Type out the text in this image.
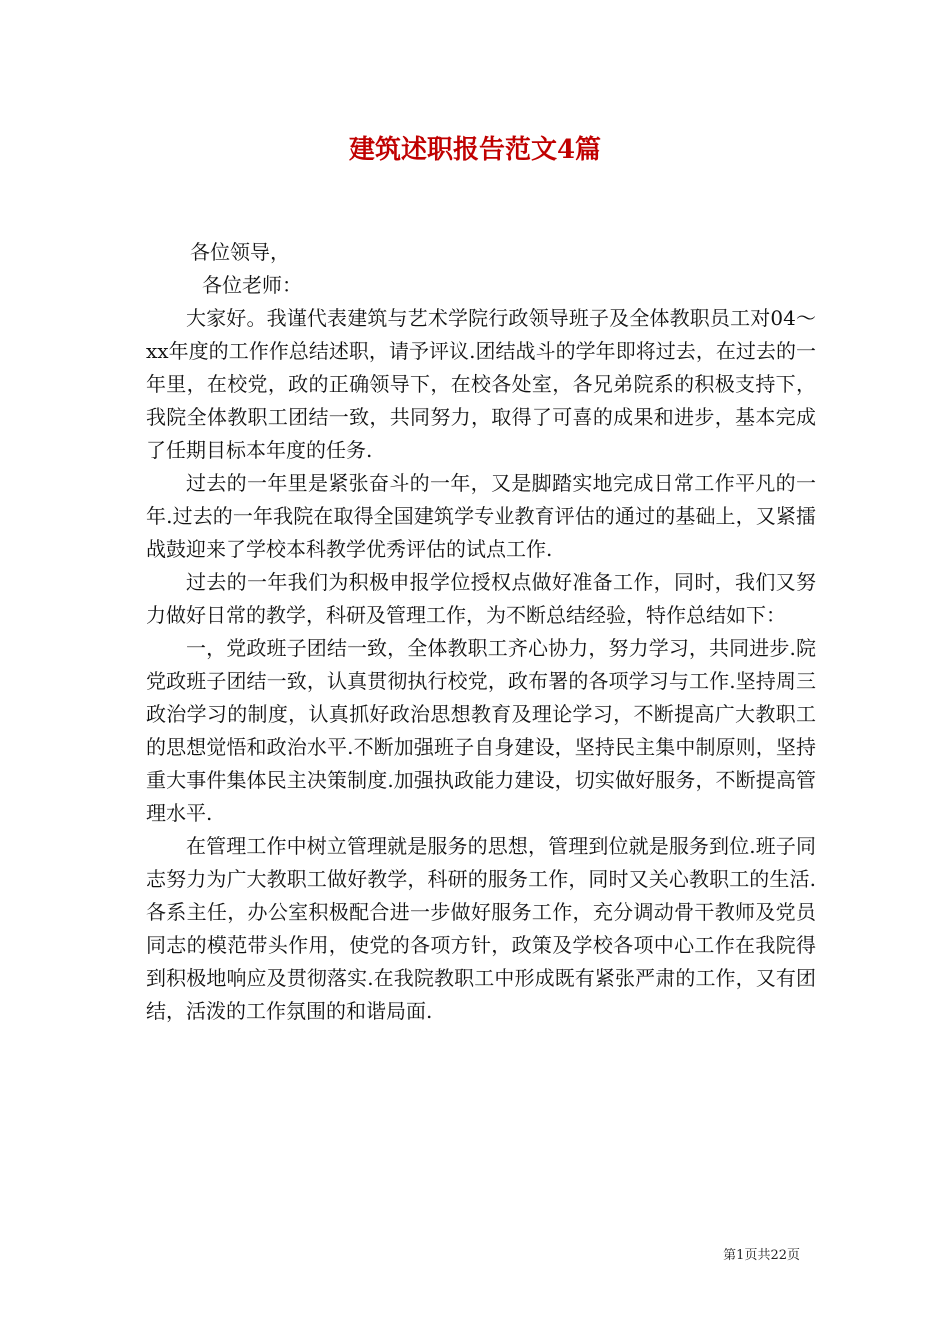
建筑述职报告范文4篇

各位领导，

各位老师：

大家好。我谨代表建筑与艺术学院行政领导班子及全体教职员工对04～xx年度的工作作总结述职，请予评议.团结战斗的学年即将过去，在过去的一年里，在校党，政的正确领导下，在校各处室，各兄弟院系的积极支持下，我院全体教职工团结一致，共同努力，取得了可喜的成果和进步，基本完成了任期目标本年度的任务.

过去的一年里是紧张奋斗的一年，又是脚踏实地完成日常工作平凡的一年.过去的一年我院在取得全国建筑学专业教育评估的通过的基础上，又紧擂战鼓迎来了学校本科教学优秀评估的试点工作.

过去的一年我们为积极申报学位授权点做好准备工作，同时，我们又努力做好日常的教学，科研及管理工作，为不断总结经验，特作总结如下：

一，党政班子团结一致，全体教职工齐心协力，努力学习，共同进步.院党政班子团结一致，认真贯彻执行校党，政布署的各项学习与工作.坚持周三政治学习的制度，认真抓好政治思想教育及理论学习，不断提高广大教职工的思想觉悟和政治水平.不断加强班子自身建设，坚持民主集中制原则，坚持重大事件集体民主决策制度.加强执政能力建设，切实做好服务，不断提高管理水平.

在管理工作中树立管理就是服务的思想，管理到位就是服务到位.班子同志努力为广大教职工做好教学，科研的服务工作，同时又关心教职工的生活.各系主任，办公室积极配合进一步做好服务工作，充分调动骨干教师及党员同志的模范带头作用，使党的各项方针，政策及学校各项中心工作在我院得到积极地响应及贯彻落实.在我院教职工中形成既有紧张严肃的工作，又有团结，活泼的工作氛围的和谐局面.

第1页共22页
